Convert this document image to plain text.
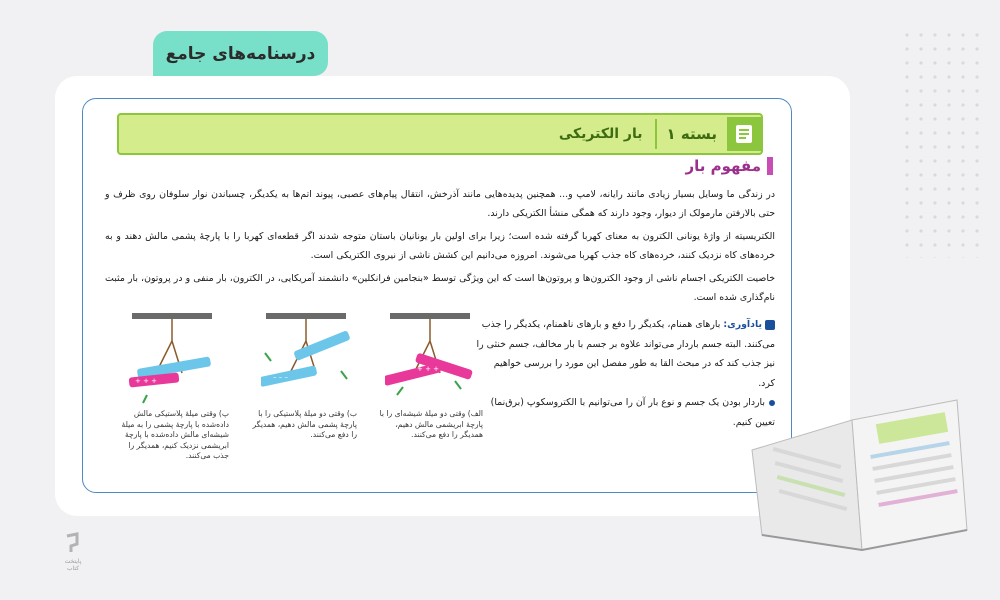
درسنامه‌های جامع
بسته ۱
بار الکتریکی
مفهوم بار
در زندگی ما وسایل بسیار زیادی مانند رایانه، لامپ و... همچنین پدیده‌هایی مانند آذرخش، انتقال پیام‌های عصبی، پیوند اتم‌ها به یکدیگر، چسباندن نوار سلوفان روی ظرف و حتی بالارفتن مارمولک از دیوار، وجود دارند که همگی منشأ الکتریکی دارند.
الکتریسیته از واژهٔ یونانی الکترون به معنای کهربا گرفته شده است؛ زیرا برای اولین بار یونانیان باستان متوجه شدند اگر قطعه‌ای کهربا را با پارچهٔ پشمی مالش دهند و به خرده‌های کاه نزدیک کنند، خرده‌های کاه جذب کهربا می‌شوند. امروزه می‌دانیم این کشش ناشی از نیروی الکتریکی است.
خاصیت الکتریکی اجسام ناشی از وجود الکترون‌ها و پروتون‌ها است که این ویژگی توسط «بنجامین فرانکلین» دانشمند آمریکایی، در الکترون، بار منفی و در پروتون، بار مثبت نام‌گذاری شده است.
یادآوری: بارهای همنام، یکدیگر را دفع و بارهای ناهمنام، یکدیگر را جذب می‌کنند. البته جسم باردار می‌تواند علاوه بر جسم با بار مخالف، جسم خنثی را نیز جذب کند که در مبحث القا به طور مفصل این مورد را بررسی خواهیم کرد.
باردار بودن یک جسم و نوع بار آن را می‌توانیم با الکتروسکوپ (برق‌نما) تعیین کنیم.
+ + +
– – –
+ + +
الف) وقتی دو میلهٔ شیشه‌ای را با پارچهٔ ابریشمی مالش دهیم، همدیگر را دفع می‌کنند.
ب) وقتی دو میلهٔ پلاستیکی را با پارچهٔ پشمی مالش دهیم، همدیگر را دفع می‌کنند.
پ) وقتی میلهٔ پلاستیکی مالش داده‌شده با پارچهٔ پشمی را به میلهٔ شیشه‌ای مالش داده‌شده با پارچهٔ ابریشمی نزدیک کنیم، همدیگر را جذب می‌کنند.
پایتخت کتاب
